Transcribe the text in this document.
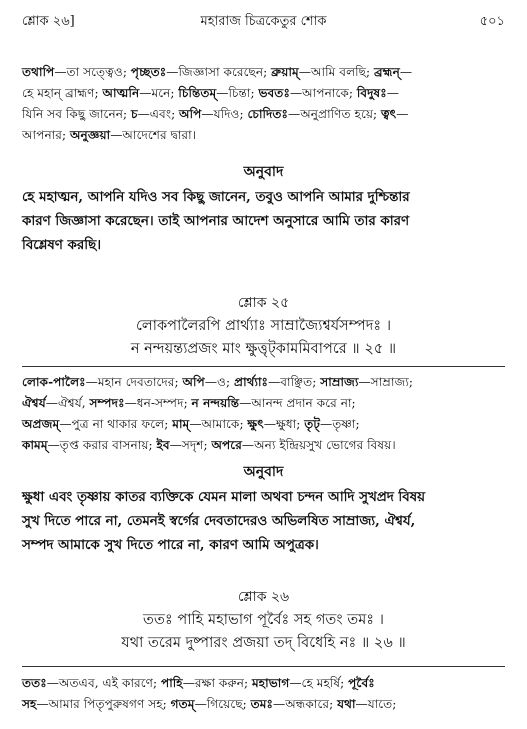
শ্লোক ২৬]	মহারাজ চিত্রকেতুর শোক	৫০১
তথাপি—তা সত্ত্বেও; পৃচ্ছতঃ—জিজ্ঞাসা করেছেন; ব্রুয়াম্—আমি বলছি; ব্রহ্মন্—
হে মহান্ ব্রাহ্মণ; আত্মনি—মনে; চিন্তিতম্—চিন্তা; ভবতঃ—আপনাকে; বিদুষঃ—
যিনি সব কিছু জানেন; চ—এবং; অপি—যদিও; চোদিতঃ—অনুপ্রাণিত হয়ে; ত্বৎ—
আপনার; অনুজ্ঞয়া—আদেশের দ্বারা।
অনুবাদ
হে মহাত্মন, আপনি যদিও সব কিছু জানেন, তবুও আপনি আমার দুশ্চিন্তার
কারণ জিজ্ঞাসা করেছেন। তাই আপনার আদেশ অনুসারে আমি তার কারণ
বিশ্লেষণ করছি।
শ্লোক ২৫
লোকপালৈরপি প্রার্থ্যাঃ সাম্রাজ্যৈশ্বর্যসম্পদঃ ।
ন নন্দয়ন্ত্যপ্রজং মাং ক্ষুত্তৃট্কামমিবাপরে ॥ ২৫ ॥
লোক-পালৈঃ—মহান দেবতাদের; অপি—ও; প্রার্থ্যাঃ—বাঞ্ছিত; সাম্রাজ্য—সাম্রাজ্য;
ঐশ্বর্য—ঐশ্বর্য, সম্পদঃ—ধন-সম্পদ; ন নন্দয়ন্তি—আনন্দ প্রদান করে না;
অপ্রজম্—পুত্র না থাকার ফলে; মাম্—আমাকে; ক্ষুৎ—ক্ষুধা; তৃট্—তৃষ্ণা;
কামম্—তৃপ্ত করার বাসনায়; ইব—সদৃশ; অপরে—অন্য ইন্দ্রিয়সুখ ভোগের বিষয়।
অনুবাদ
ক্ষুধা এবং তৃষ্ণায় কাতর ব্যক্তিকে যেমন মালা অথবা চন্দন আদি সুখপ্রদ বিষয়
সুখ দিতে পারে না, তেমনই স্বর্গের দেবতাদেরও অভিলষিত সাম্রাজ্য, ঐশ্বর্য,
সম্পদ আমাকে সুখ দিতে পারে না, কারণ আমি অপুত্রক।
শ্লোক ২৬
ততঃ পাহি মহাভাগ পূর্বৈঃ সহ গতং তমঃ ।
যথা তরেম দুষ্পারং প্রজয়া তদ্ বিধেহি নঃ ॥ ২৬ ॥
ততঃ—অতএব, এই কারণে; পাহি—রক্ষা করুন; মহাভাগ—হে মহর্ষি; পূর্বৈঃ
সহ—আমার পিতৃপুরুষগণ সহ; গতম্—গিয়েছে; তমঃ—অন্ধকারে; যথা—যাতে;
